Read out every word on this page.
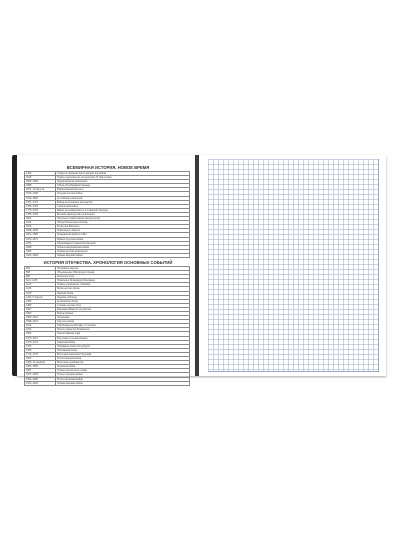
ВСЕМИРНАЯ ИСТОРИЯ. НОВОЕ ВРЕМЯ
1492	Открытие Америки Христофором Колумбом
1519	Первое кругосветное путешествие Ф. Магеллана
1566–1609	Нидерландская революция
1588	Гибель Непобедимой армады
1572, 24 августа	Варфоломеевская ночь
1618–1648	Тридцатилетняя война
1640–1660	Английская революция
1701–1714	Война за испанское наследство
1756–1763	Семилетняя война
1775–1783	Война за независимость в Северной Америке
1789–1799	Великая французская революция
1804	Наполеон провозглашён императором
1812	Поход Наполеона в Россию
1815	Битва при Ватерлоо
1848–1849	Революции в Европе
1861–1865	Гражданская война в США
1870–1871	Франко-прусская война
1871	Образование Германской империи
1898	Испано-американская война
1905	Первая русская революция
1914–1918	Первая мировая война
ИСТОРИЯ ОТЕЧЕСТВА. ХРОНОЛОГИЯ ОСНОВНЫХ СОБЫТИЙ
862	Призвание варягов
882	Объединение Новгорода и Киева
988	Крещение Руси
1113–1125	Правление Владимира Мономаха
1147	Первое упоминание о Москве
1223	Битва на реке Калке
1240	Невская битва
1242, 5 апреля	Ледовое побоище
1380	Куликовская битва
1480	Стояние на реке Угре
1547	Венчание Ивана IV на царство
1552	Взятие Казани
1565–1572	Опричнина
1598–1613	Смутное время
1612	Освобождение Москвы от поляков
1613	Начало династии Романовых
1654	Переяславская рада
1670–1671	Восстание Степана Разина
1700–1721	Северная война
1703	Основание Санкт-Петербурга
1709	Полтавская битва
1773–1775	Восстание Емельяна Пугачёва
1812	Отечественная война
1825, 14 декабря	Восстание декабристов
1853–1856	Крымская война
1861	Отмена крепостного права
1877–1878	Русско-турецкая война
1904–1905	Русско-японская война
1914–1918	Первая мировая война
